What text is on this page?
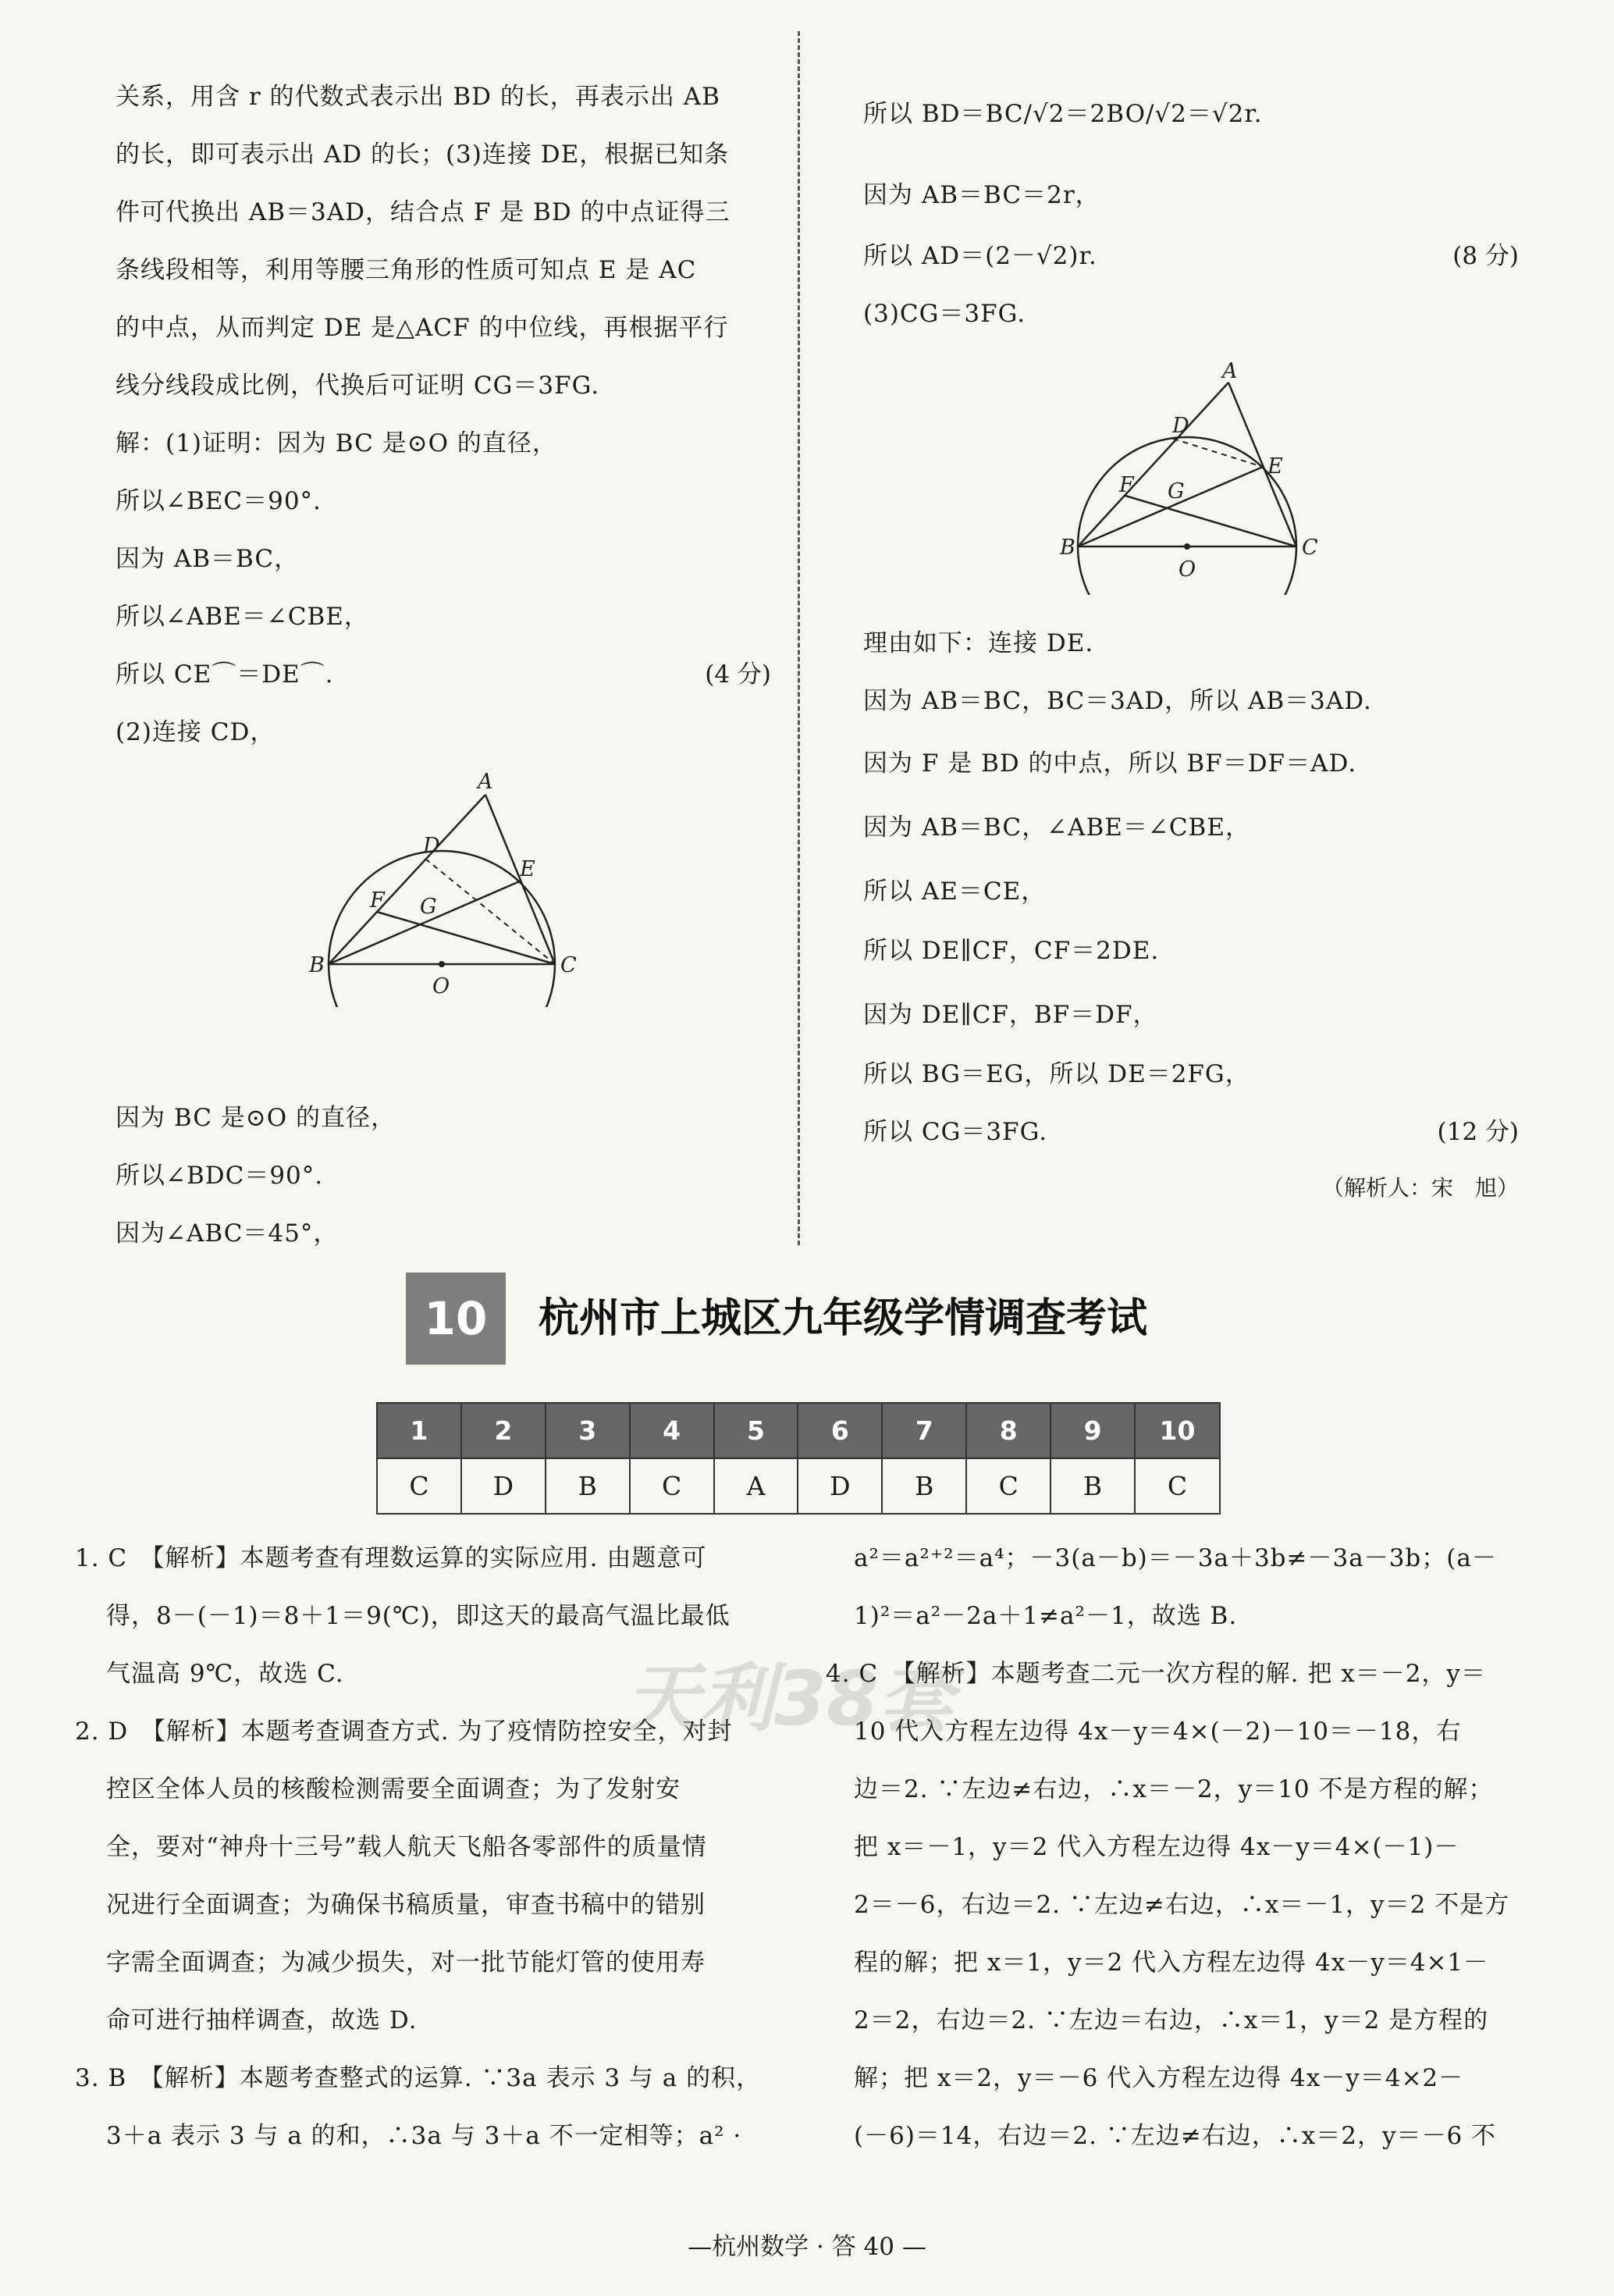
关系，用含 r 的代数式表示出 BD 的长，再表示出 AB
的长，即可表示出 AD 的长；(3)连接 DE，根据已知条
件可代换出 AB＝3AD，结合点 F 是 BD 的中点证得三
条线段相等，利用等腰三角形的性质可知点 E 是 AC
的中点，从而判定 DE 是△ACF 的中位线，再根据平行
线分线段成比例，代换后可证明 CG＝3FG.
解：(1)证明：因为 BC 是⊙O 的直径，
所以∠BEC＝90°.
因为 AB＝BC，
所以∠ABE＝∠CBE，
所以 CE⌒＝DE⌒.	(4 分)
(2)连接 CD，
因为 BC 是⊙O 的直径，
所以∠BDC＝90°.
因为∠ABC＝45°，
A
B	C
D
E
F G
O
所以 BD＝BC/√2＝2BO/√2＝√2r.
因为 AB＝BC＝2r，
所以 AD＝(2－√2)r.	(8 分)
(3)CG＝3FG.
理由如下：连接 DE.
因为 AB＝BC，BC＝3AD，所以 AB＝3AD.
因为 F 是 BD 的中点，所以 BF＝DF＝AD.
因为 AB＝BC，∠ABE＝∠CBE，
所以 AE＝CE，
所以 DE∥CF，CF＝2DE.
因为 DE∥CF，BF＝DF，
所以 BG＝EG，所以 DE＝2FG，
所以 CG＝3FG.	(12 分)
（解析人：宋　旭）
A
B	C
D
E
F G
O
10	杭州市上城区九年级学情调查考试
1	2	3	4	5	6	7	8	9	10
C	D	B	C	A	D	B	C	B	C
天利38套
1. C　【解析】本题考查有理数运算的实际应用. 由题意可
得，8－(－1)＝8＋1＝9(℃)，即这天的最高气温比最低
气温高 9℃，故选 C.
2. D　【解析】本题考查调查方式. 为了疫情防控安全，对封
控区全体人员的核酸检测需要全面调查；为了发射安
全，要对“神舟十三号”载人航天飞船各零部件的质量情
况进行全面调查；为确保书稿质量，审查书稿中的错别
字需全面调查；为减少损失，对一批节能灯管的使用寿
命可进行抽样调查，故选 D.
3. B　【解析】本题考查整式的运算. ∵3a 表示 3 与 a 的积，
3＋a 表示 3 与 a 的和，∴3a 与 3＋a 不一定相等；a² ·
a²＝a²⁺²＝a⁴；－3(a－b)＝－3a＋3b≠－3a－3b；(a－
1)²＝a²－2a＋1≠a²－1，故选 B.
4. C　【解析】本题考查二元一次方程的解. 把 x＝－2，y＝
10 代入方程左边得 4x－y＝4×(－2)－10＝－18，右
边＝2. ∵左边≠右边，∴x＝－2，y＝10 不是方程的解；
把 x＝－1，y＝2 代入方程左边得 4x－y＝4×(－1)－
2＝－6，右边＝2. ∵左边≠右边，∴x＝－1，y＝2 不是方
程的解；把 x＝1，y＝2 代入方程左边得 4x－y＝4×1－
2＝2，右边＝2. ∵左边＝右边，∴x＝1，y＝2 是方程的
解；把 x＝2，y＝－6 代入方程左边得 4x－y＝4×2－
(－6)＝14，右边＝2. ∵左边≠右边，∴x＝2，y＝－6 不
—杭州数学 · 答 40 —
